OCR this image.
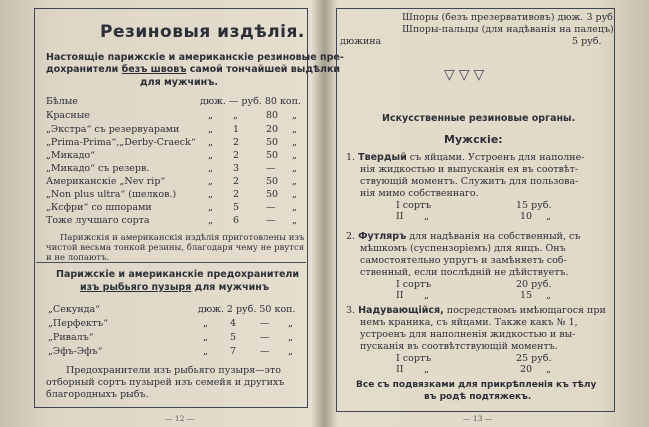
Резиновыя издѣлія.
Настоящіе парижскіе и американскіе резиновые пре-
дохранители безъ швовъ самой тончайшей выдѣлки
для мужчинъ.
Бѣлые	дюж. — руб. 80 коп.
Красные	„ „	80 „
„Экстра“ съ резервуарами	„ 1	20 „
„Prima-Prima“,„Derby-Craeck“ „ 2	50 „
„Микадо“	„ 2	50 „
„Микадо“ съ резерв.	„ 3	— „
Американскіе „Nev rip“	„ 2	50 „
„Non plus ultra“ (шелков.)	„ 2	50 „
„Ксфри“ со шпорами	„ 5	— „
Тоже лучшаго сорта	„ 6	— „
Парижскія и американскія издѣлія приготовлены изъ
чистой весьма тонкой резины, благодаря чему не рвутся
и не лопаютъ.
Парижскіе и американскіе предохранители
изъ рыбьяго пузыря для мужчинъ
„Секунда“	дюж. 2 руб. 50 коп.
„Перфектъ“	„ 4	— „
„Ривалъ“	„ 5	— „
„Эфъ-Эфъ“	„ 7	— „
Предохранители изъ рыбьяго пузыря—это
отборный сортъ пузырей изъ семейя и другихъ
благородныхъ рыбъ.
— 12 —
Шпоры (безъ презервативовъ) дюж. 3 руб.
Шпоры-пальцы (для надѣванія на палецъ)
дюжина	5 руб.
▽▽▽
Искусственные резиновые органы.
Мужскіе:
1. Твердый съ яйцами. Устроенъ для наполне-
нія жидкостью и выпусканія ея въ соотвѣт-
ствующій моментъ. Служитъ для пользова-
нія мимо собственнаго.
I сортъ	15 руб.
II „	10 „
2. Футляръ для надѣванія на собственный, съ
мѣшкомъ (суспензоріемъ) для яицъ. Онъ
самостоятельно упругъ и замѣняетъ соб-
ственный, если послѣдній не дѣйствуетъ.
I сортъ	20 руб.
II „	15 „
3. Надувающійся, посредствомъ имѣющагося при
немъ краника, съ яйцами. Также какъ № 1,
устроенъ для наполненія жидкостью и вы-
пусканія въ соотвѣтствующій моментъ.
I сортъ	25 руб.
II „	20 „
Все съ подвязками для прикрѣпленія къ тѣлу
въ родѣ подтяжекъ.
— 13 —
